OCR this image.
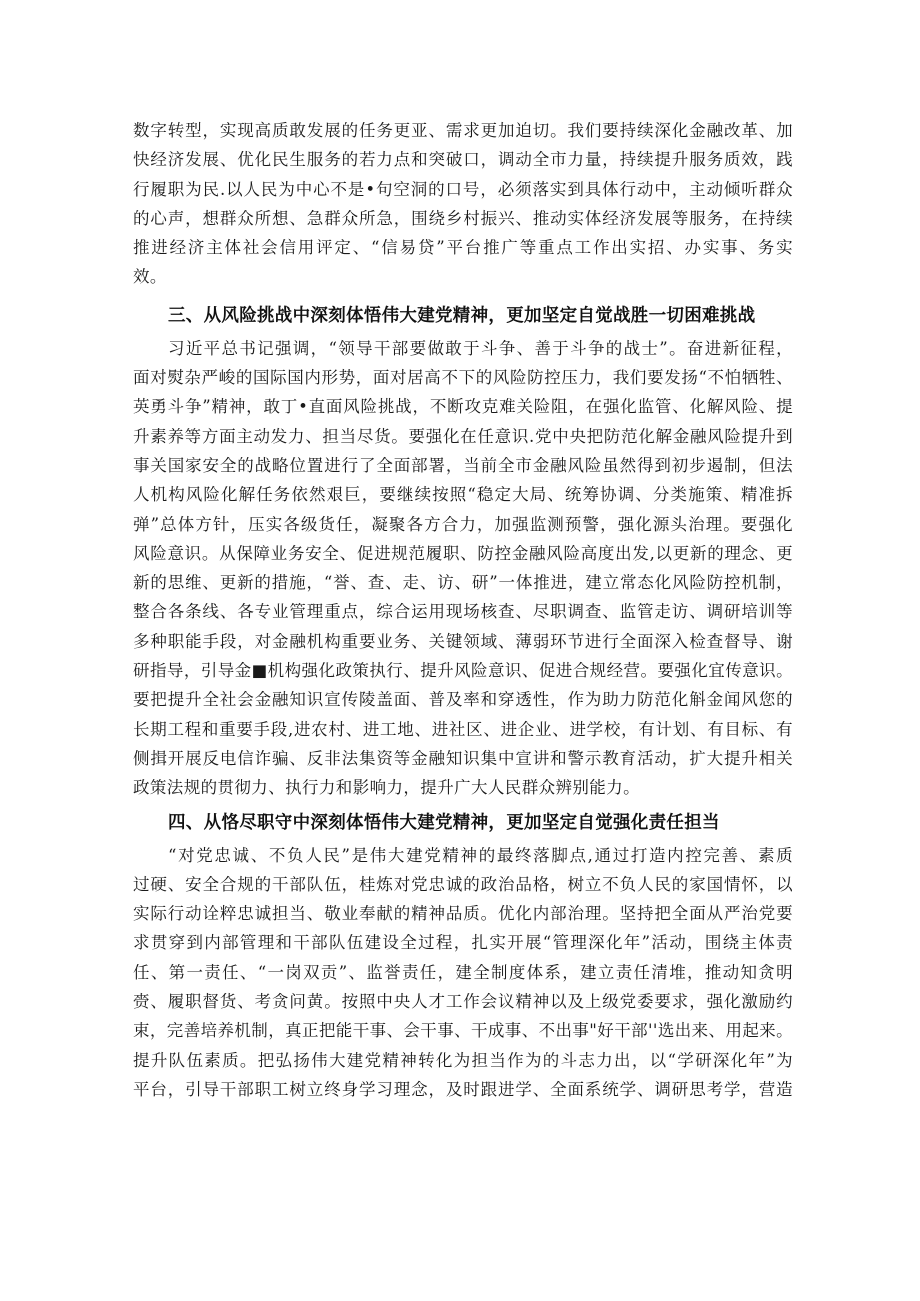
数字转型，实现高质敢发展的任务更亚、需求更加迫切。我们要持续深化金融改革、加
快经济发展、优化民生服务的若力点和突破口，调动全市力量，持续提升服务质效，践
行履职为民.以人民为中心不是•句空洞的口号，必须落实到具体行动中，主动倾听群众
的心声，想群众所想、急群众所急，围绕乡村振兴、推动实体经济发展等服务，在持续
推进经济主体社会信用评定、“信易贷”平台推广等重点工作出实招、办实事、务实
效。

三、从风险挑战中深刻体悟伟大建党精神，更加坚定自觉战胜一切困难挑战

习近平总书记强调，“领导干部要做敢于斗争、善于斗争的战士”。奋进新征程，
面对熨杂严峻的国际国内形势，面对居高不下的风险防控压力，我们要发扬“不怕牺牲、
英勇斗争”精神，敢丁•直面风险挑战，不断攻克难关险阻，在强化监管、化解风险、提
升素养等方面主动发力、担当尽货。要强化在任意识.党中央把防范化解金融风险提升到
事关国家安全的战略位置进行了全面部署，当前全市金融风险虽然得到初步遏制，但法
人机构风险化解任务依然艰巨，要继续按照“稳定大局、统筹协调、分类施策、精准拆
弹”总体方针，压实各级货任，凝聚各方合力，加强监测预警，强化源头治理。要强化
风险意识。从保障业务安全、促进规范履职、防控金融风险高度出发,以更新的理念、更
新的思维、更新的措施，“誉、查、走、访、研”一体推进，建立常态化风险防控机制，
整合各条线、各专业管理重点，综合运用现场核查、尽职调查、监管走访、调研培训等
多种职能手段，对金融机构重要业务、关键领域、薄弱环节进行全面深入检查督导、谢
研指导，引导金■机构强化政策执行、提升风险意识、促进合规经营。要强化宜传意识。
要把提升全社会金融知识宣传陵盖面、普及率和穿透性，作为助力防范化斛金闻风您的
长期工程和重要手段,进农村、进工地、进社区、进企业、进学校，有计划、有目标、有
侧揖开展反电信诈骗、反非法集资等金融知识集中宣讲和警示教育活动，扩大提升相关
政策法规的贯彻力、执行力和影响力，提升广大人民群众辨别能力。

四、从恪尽职守中深刻体悟伟大建党精神，更加坚定自觉强化责任担当

“对党忠诚、不负人民”是伟大建党精神的最终落脚点,通过打造内控完善、素质
过硬、安全合规的干部队伍，桂炼对党忠诚的政治品格，树立不负人民的家国情怀，以
实际行动诠粹忠诚担当、敬业奉献的精神品质。优化内部治理。坚持把全面从严治党要
求贯穿到内部管理和干部队伍建设全过程，扎实开展“管理深化年”活动，围绕主体责
任、第一责任、“一岗双贡”、监誉责任，建全制度体系，建立责任清堆，推动知贪明
赍、履职督货、考贪问黄。按照中央人才工作会议精神以及上级党委要求，强化激励约
束，完善培养机制，真正把能干事、会干事、干成事、不出事"好干部''选出来、用起来。
提升队伍素质。把弘扬伟大建党精神转化为担当作为的斗志力出，以“学研深化年”为
平台，引导干部职工树立终身学习理念，及时跟进学、全面系统学、调研思考学，营造
